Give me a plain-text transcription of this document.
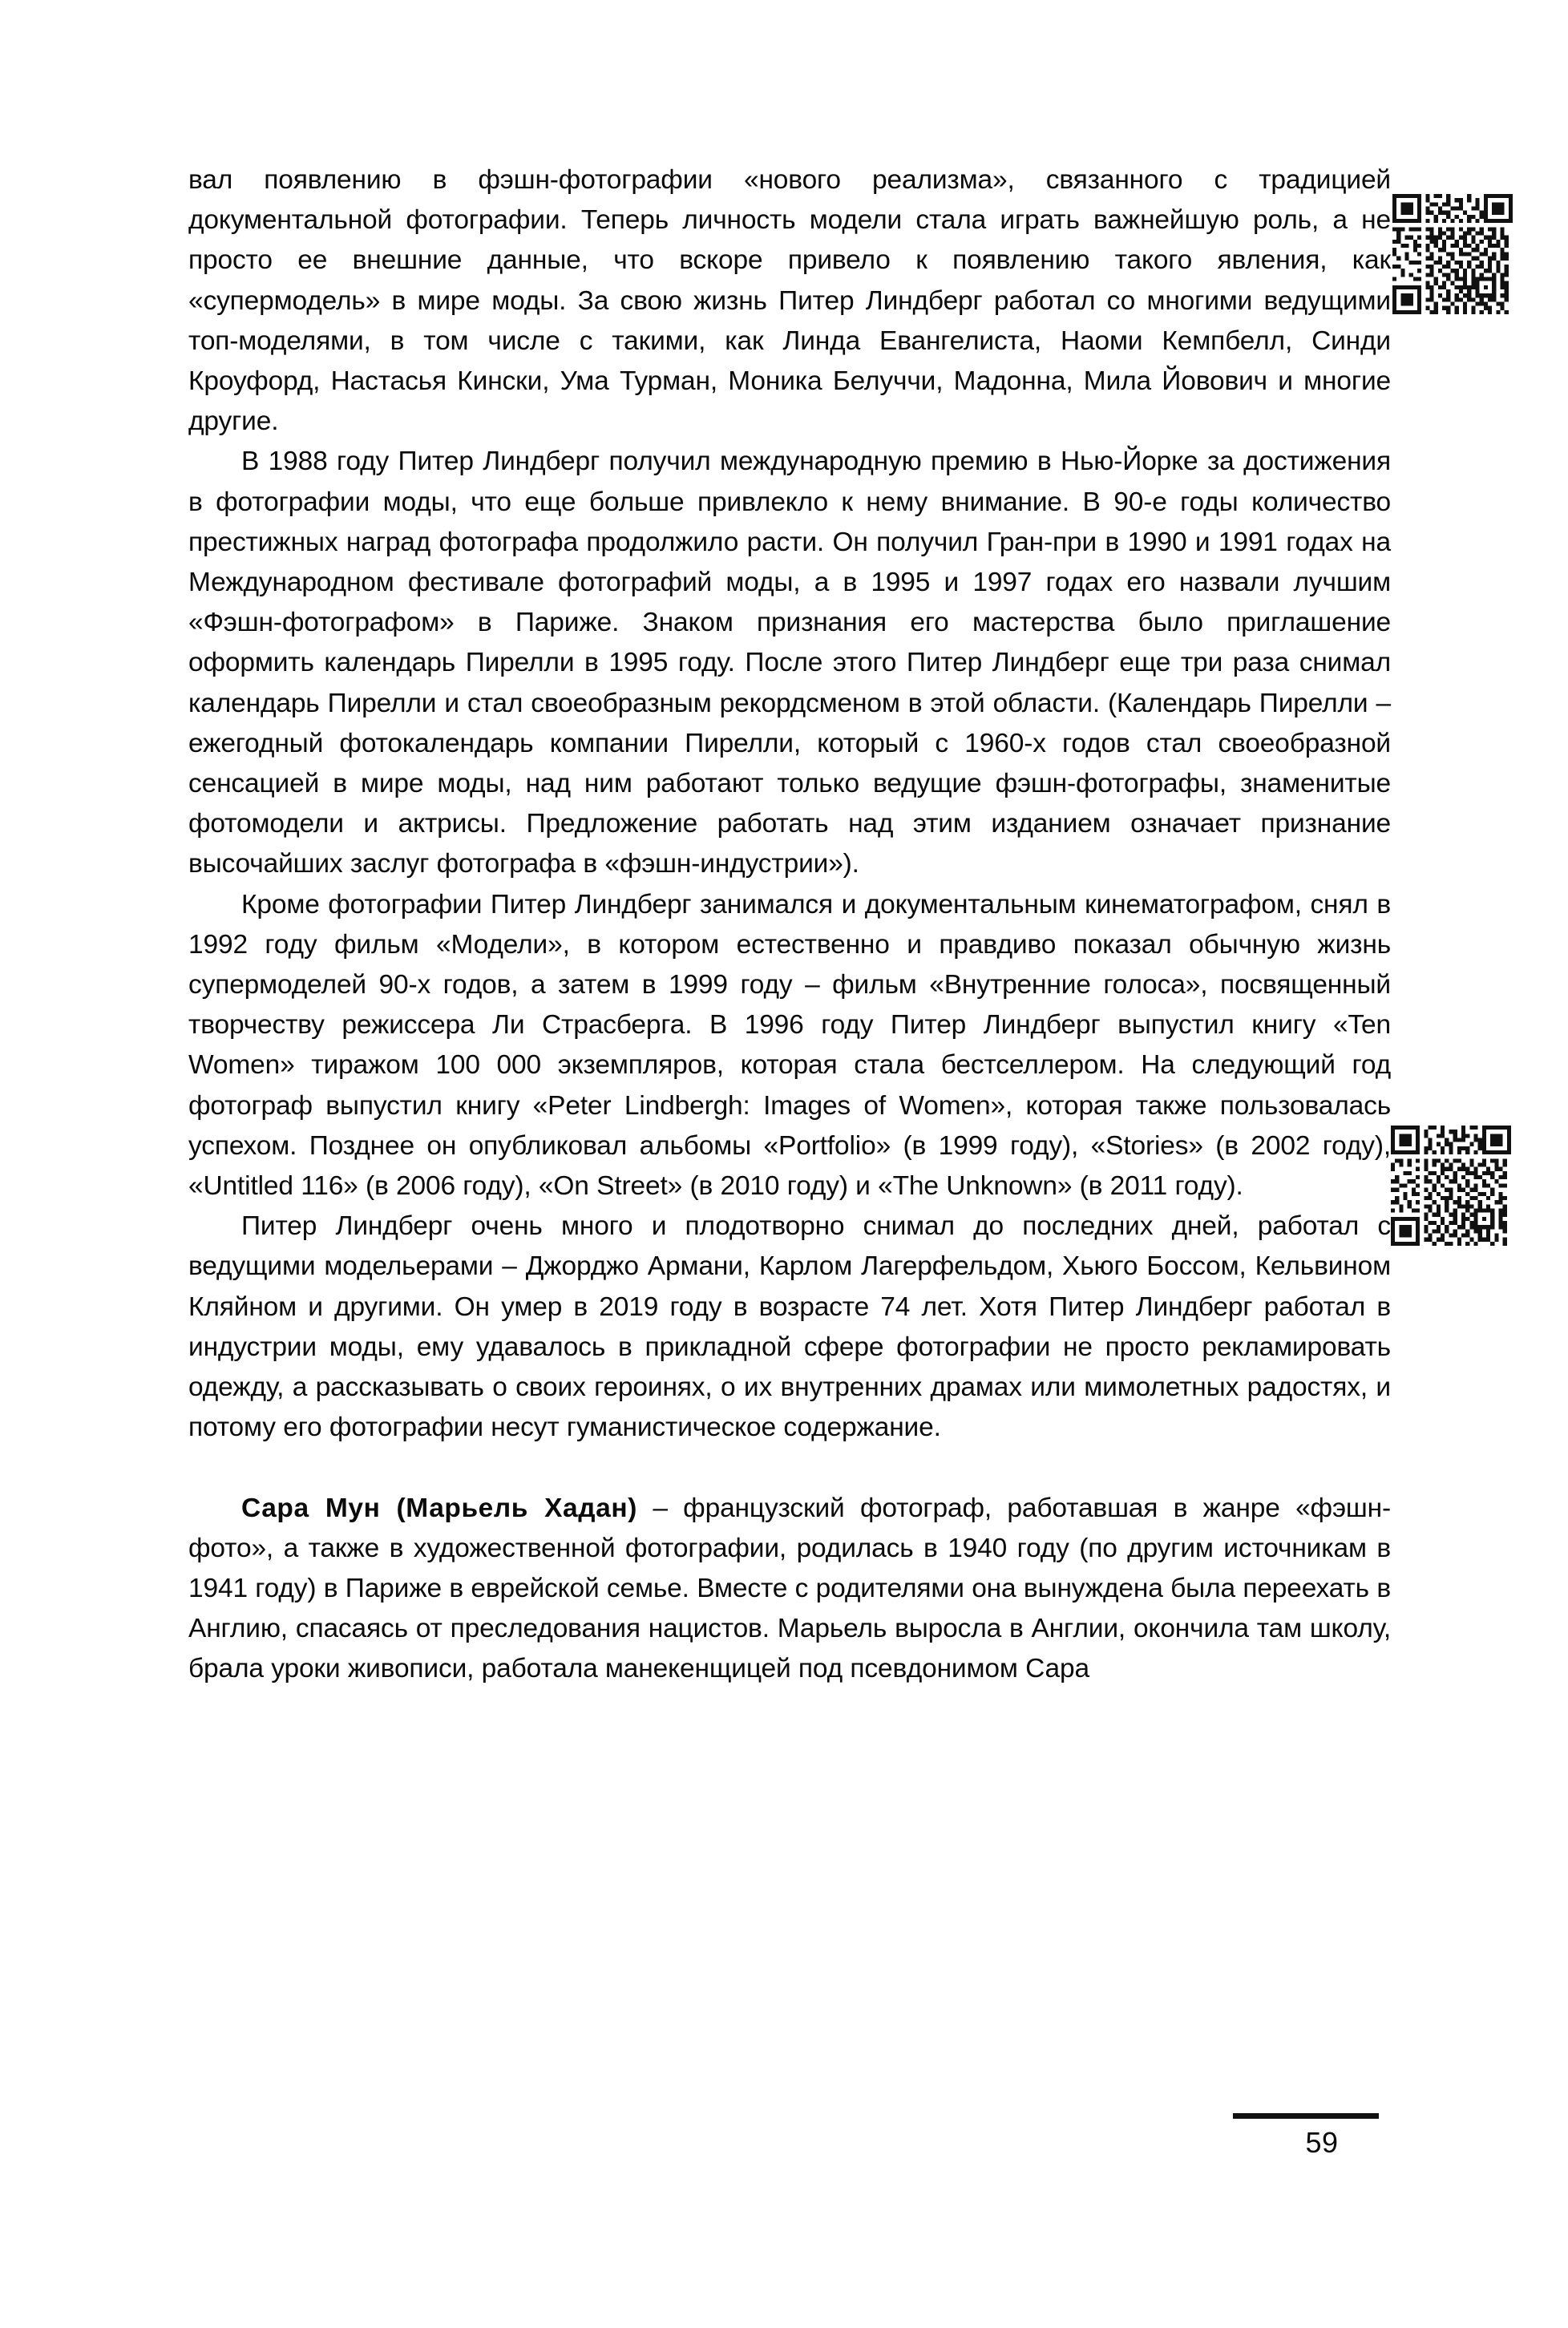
вал появлению в фэшн-фотографии «нового реализма», связанного с традицией документальной фотографии. Теперь личность модели стала играть важнейшую роль, а не просто ее внешние данные, что вскоре привело к появлению такого явления, как «супермодель» в мире моды. За свою жизнь Питер Линдберг работал со многими ведущими топ-моделями, в том числе с такими, как Линда Евангелиста, Наоми Кемпбелл, Синди Кроуфорд, Настасья Кински, Ума Турман, Моника Белуччи, Мадонна, Мила Йовович и многие другие.

В 1988 году Питер Линдберг получил международную премию в Нью-Йорке за достижения в фотографии моды, что еще больше привлекло к нему внимание. В 90-е годы количество престижных наград фотографа продолжило расти. Он получил Гран-при в 1990 и 1991 годах на Международном фестивале фотографий моды, а в 1995 и 1997 годах его назвали лучшим «Фэшн-фотографом» в Париже. Знаком признания его мастерства было приглашение оформить календарь Пирелли в 1995 году. После этого Питер Линдберг еще три раза снимал календарь Пирелли и стал своеобразным рекордсменом в этой области. (Календарь Пирелли – ежегодный фотокалендарь компании Пирелли, который с 1960-х годов стал своеобразной сенсацией в мире моды, над ним работают только ведущие фэшн-фотографы, знаменитые фотомодели и актрисы. Предложение работать над этим изданием означает признание высочайших заслуг фотографа в «фэшн-индустрии»).

Кроме фотографии Питер Линдберг занимался и документальным кинематографом, снял в 1992 году фильм «Модели», в котором естественно и правдиво показал обычную жизнь супермоделей 90-х годов, а затем в 1999 году – фильм «Внутренние голоса», посвященный творчеству режиссера Ли Страсберга. В 1996 году Питер Линдберг выпустил книгу «Ten Women» тиражом 100 000 экземпляров, которая стала бестселлером. На следующий год фотограф выпустил книгу «Peter Lindbergh: Images of Women», которая также пользовалась успехом. Позднее он опубликовал альбомы «Portfolio» (в 1999 году), «Stories» (в 2002 году), «Untitled 116» (в 2006 году), «On Street» (в 2010 году) и «The Unknown» (в 2011 году).

Питер Линдберг очень много и плодотворно снимал до последних дней, работал с ведущими модельерами – Джорджо Армани, Карлом Лагерфельдом, Хьюго Боссом, Кельвином Кляйном и другими. Он умер в 2019 году в возрасте 74 лет. Хотя Питер Линдберг работал в индустрии моды, ему удавалось в прикладной сфере фотографии не просто рекламировать одежду, а рассказывать о своих героинях, о их внутренних драмах или мимолетных радостях, и потому его фотографии несут гуманистическое содержание.

Сара Мун (Марьель Хадан) – французский фотограф, работавшая в жанре «фэшн-фото», а также в художественной фотографии, родилась в 1940 году (по другим источникам в 1941 году) в Париже в еврейской семье. Вместе с родителями она вынуждена была переехать в Англию, спасаясь от преследования нацистов. Марьель выросла в Англии, окончила там школу, брала уроки живописи, работала манекенщицей под псевдонимом Сара

59
